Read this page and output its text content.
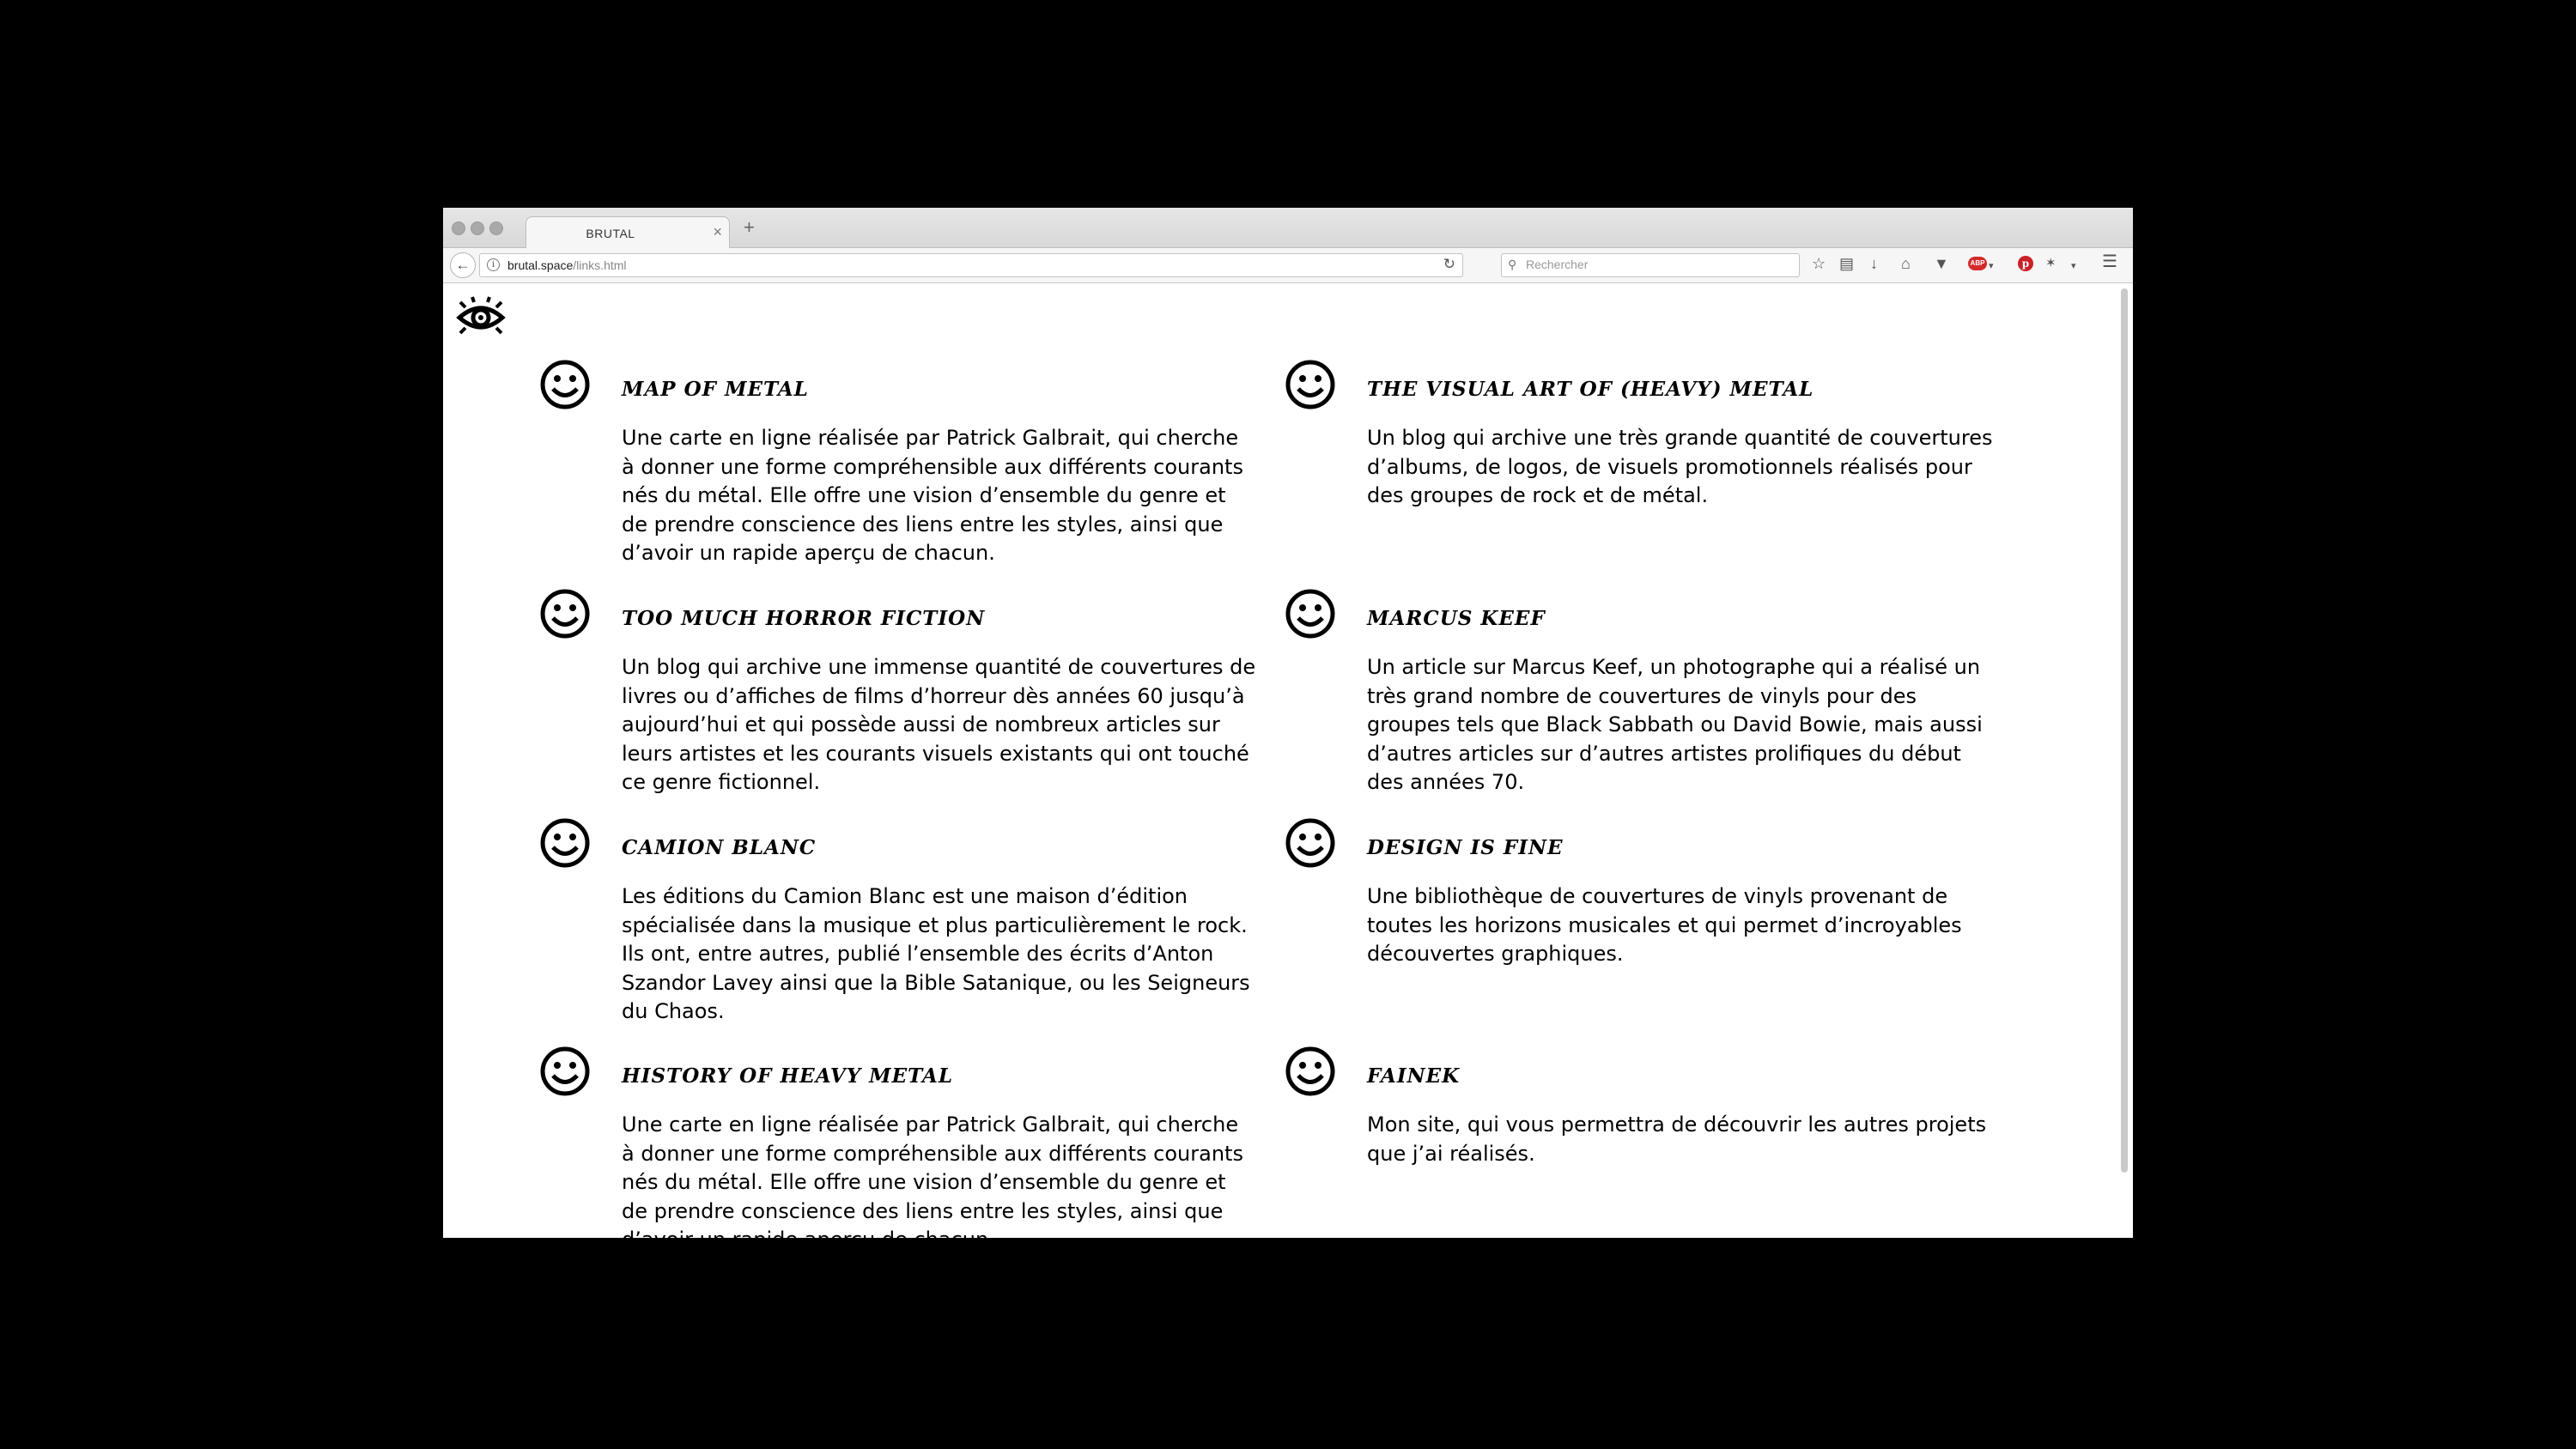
BRUTAL	× +
←	i	brutal.space/links.html	↻	⚲
Rechercher	☆ ▤ ↓ ⌂ ▼	ABP ▾	p	✶ ▾ ☰
MAP OF METAL

Une carte en ligne réalisée par Patrick Galbrait, qui cherche à donner une forme compréhensible aux différents courants nés du métal. Elle offre une vision d’ensemble du genre et de prendre conscience des liens entre les styles, ainsi que d’avoir un rapide aperçu de chacun.

THE VISUAL ART OF (HEAVY) METAL

Un blog qui archive une très grande quantité de couvertures d’albums, de logos, de visuels promotionnels réalisés pour des groupes de rock et de métal.

TOO MUCH HORROR FICTION

Un blog qui archive une immense quantité de couvertures de livres ou d’affiches de films d’horreur dès années 60 jusqu’à aujourd’hui et qui possède aussi de nombreux articles sur leurs artistes et les courants visuels existants qui ont touché ce genre fictionnel.

MARCUS KEEF

Un article sur Marcus Keef, un photographe qui a réalisé un très grand nombre de couvertures de vinyls pour des groupes tels que Black Sabbath ou David Bowie, mais aussi d’autres articles sur d’autres artistes prolifiques du début des années 70.

CAMION BLANC

Les éditions du Camion Blanc est une maison d’édition spécialisée dans la musique et plus particulièrement le rock. Ils ont, entre autres, publié l’ensemble des écrits d’Anton Szandor Lavey ainsi que la Bible Satanique, ou les Seigneurs du Chaos.

DESIGN IS FINE

Une bibliothèque de couvertures de vinyls provenant de toutes les horizons musicales et qui permet d’incroyables découvertes graphiques.

HISTORY OF HEAVY METAL

Une carte en ligne réalisée par Patrick Galbrait, qui cherche à donner une forme compréhensible aux différents courants nés du métal. Elle offre une vision d’ensemble du genre et de prendre conscience des liens entre les styles, ainsi que d’avoir un rapide aperçu de chacun.

FAINEK

Mon site, qui vous permettra de découvrir les autres projets que j’ai réalisés.
